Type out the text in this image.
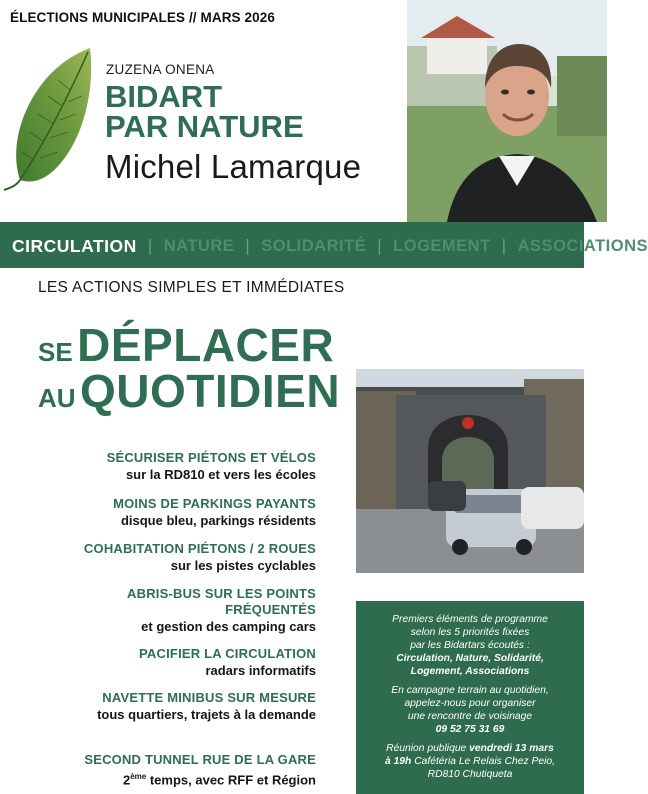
ÉLECTIONS MUNICIPALES // MARS 2026
ZUZENA ONENA
BIDART
PAR NATURE
Michel Lamarque
CIRCULATION | NATURE | SOLIDARITÉ | LOGEMENT | ASSOCIATIONS
LES ACTIONS SIMPLES ET IMMÉDIATES
SE DÉPLACER
AU QUOTIDIEN
SÉCURISER PIÉTONS ET VÉLOS
sur la RD810 et vers les écoles
MOINS DE PARKINGS PAYANTS
disque bleu, parkings résidents
COHABITATION PIÉTONS / 2 ROUES
sur les pistes cyclables
ABRIS-BUS SUR LES POINTS
FRÉQUENTÉS
et gestion des camping cars
PACIFIER LA CIRCULATION
radars informatifs
NAVETTE MINIBUS SUR MESURE
tous quartiers, trajets à la demande
SECOND TUNNEL RUE DE LA GARE
2ème temps, avec RFF et Région
Premiers éléments de programme
selon les 5 priorités fixées
par les Bidartars écoutés :
Circulation, Nature, Solidarité,
Logement, Associations
En campagne terrain au quotidien,
appelez-nous pour organiser
une rencontre de voisinage
09 52 75 31 69
Réunion publique vendredi 13 mars
à 19h Cafétéria Le Relais Chez Peio,
RD810 Chutiqueta
